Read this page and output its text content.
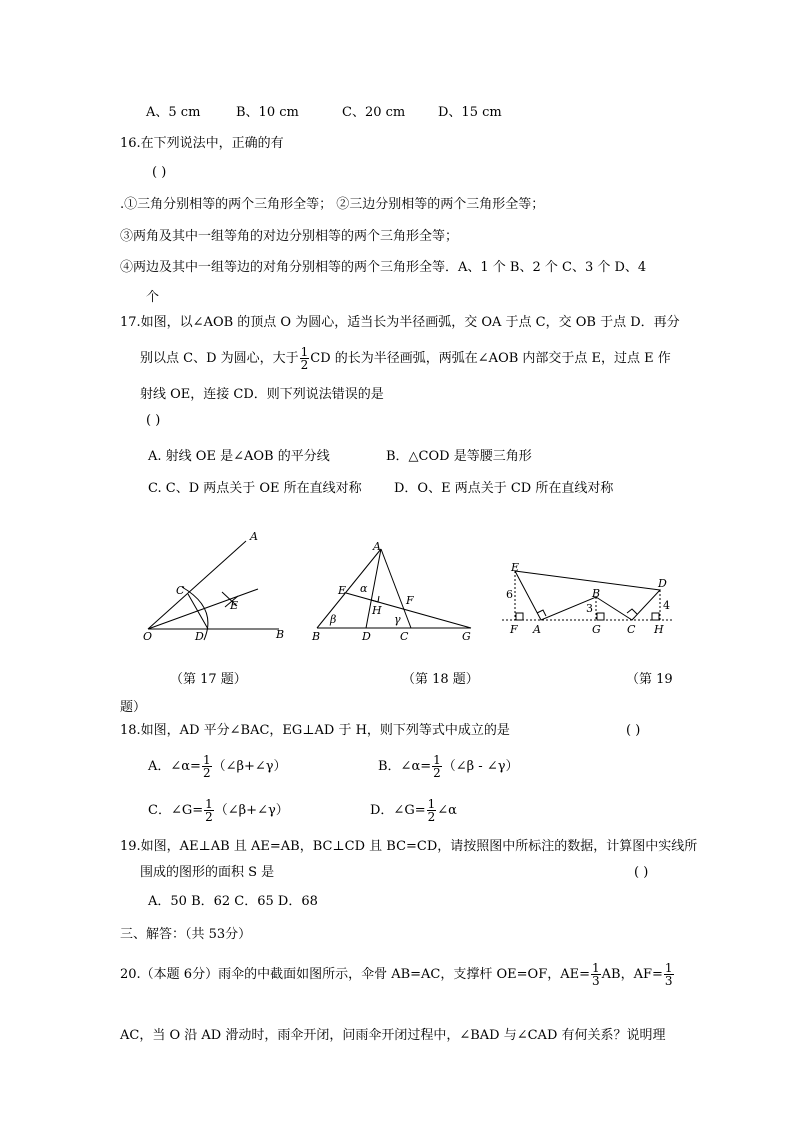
A、5 cm	B、10 cm	C、20 cm	D、15 cm
16.在下列说法中，正确的有
( )
.①三角分别相等的两个三角形全等； ②三边分别相等的两个三角形全等；
③两角及其中一组等角的对边分别相等的两个三角形全等；
④两边及其中一组等边的对角分别相等的两个三角形全等．A、1 个 B、2 个 C、3 个 D、4
个
17.如图，以∠AOB 的顶点 O 为圆心，适当长为半径画弧，交 OA 于点 C，交 OB 于点 D．再分
别以点 C、D 为圆心，大于 $\frac{1}{2}$ CD 的长为半径画弧，两弧在∠AOB 内部交于点 E，过点 E 作
射线 OE，连接 CD．则下列说法错误的是
( )
A. 射线 OE 是∠AOB 的平分线	B．△COD 是等腰三角形
C. C、D 两点关于 OE 所在直线对称 D．O、E 两点关于 CD 所在直线对称
A
B
C
D
E
O
A
B	D	C	G
E
F
H
α
β	γ
E
D
B
F A	G C H
6
3	4
（第 17 题）	（第 18 题）	（第 19
题）
18.如图，AD 平分∠BAC，EG⊥AD 于 H，则下列等式中成立的是	( )
A．∠α= $\frac{1}{2}$ （∠β+∠γ）	B．∠α= $\frac{1}{2}$ （∠β - ∠γ）
C．∠G= $\frac{1}{2}$ （∠β+∠γ）	D．∠G= $\frac{1}{2}$ ∠α
19.如图，AE⊥AB 且 AE=AB，BC⊥CD 且 BC=CD，请按照图中所标注的数据，计算图中实线所
围成的图形的面积 S 是	( )
A．50 B．62 C．65 D．68
三、解答：（共 53分）
20.（本题 6分）雨伞的中截面如图所示，伞骨 AB=AC，支撑杆 OE=OF，$AE= \frac{1}{3}$ AB，$AF= \frac{1}{3}$
AC，当 O 沿 AD 滑动时，雨伞开闭，问雨伞开闭过程中，∠BAD 与∠CAD 有何关系？说明理
